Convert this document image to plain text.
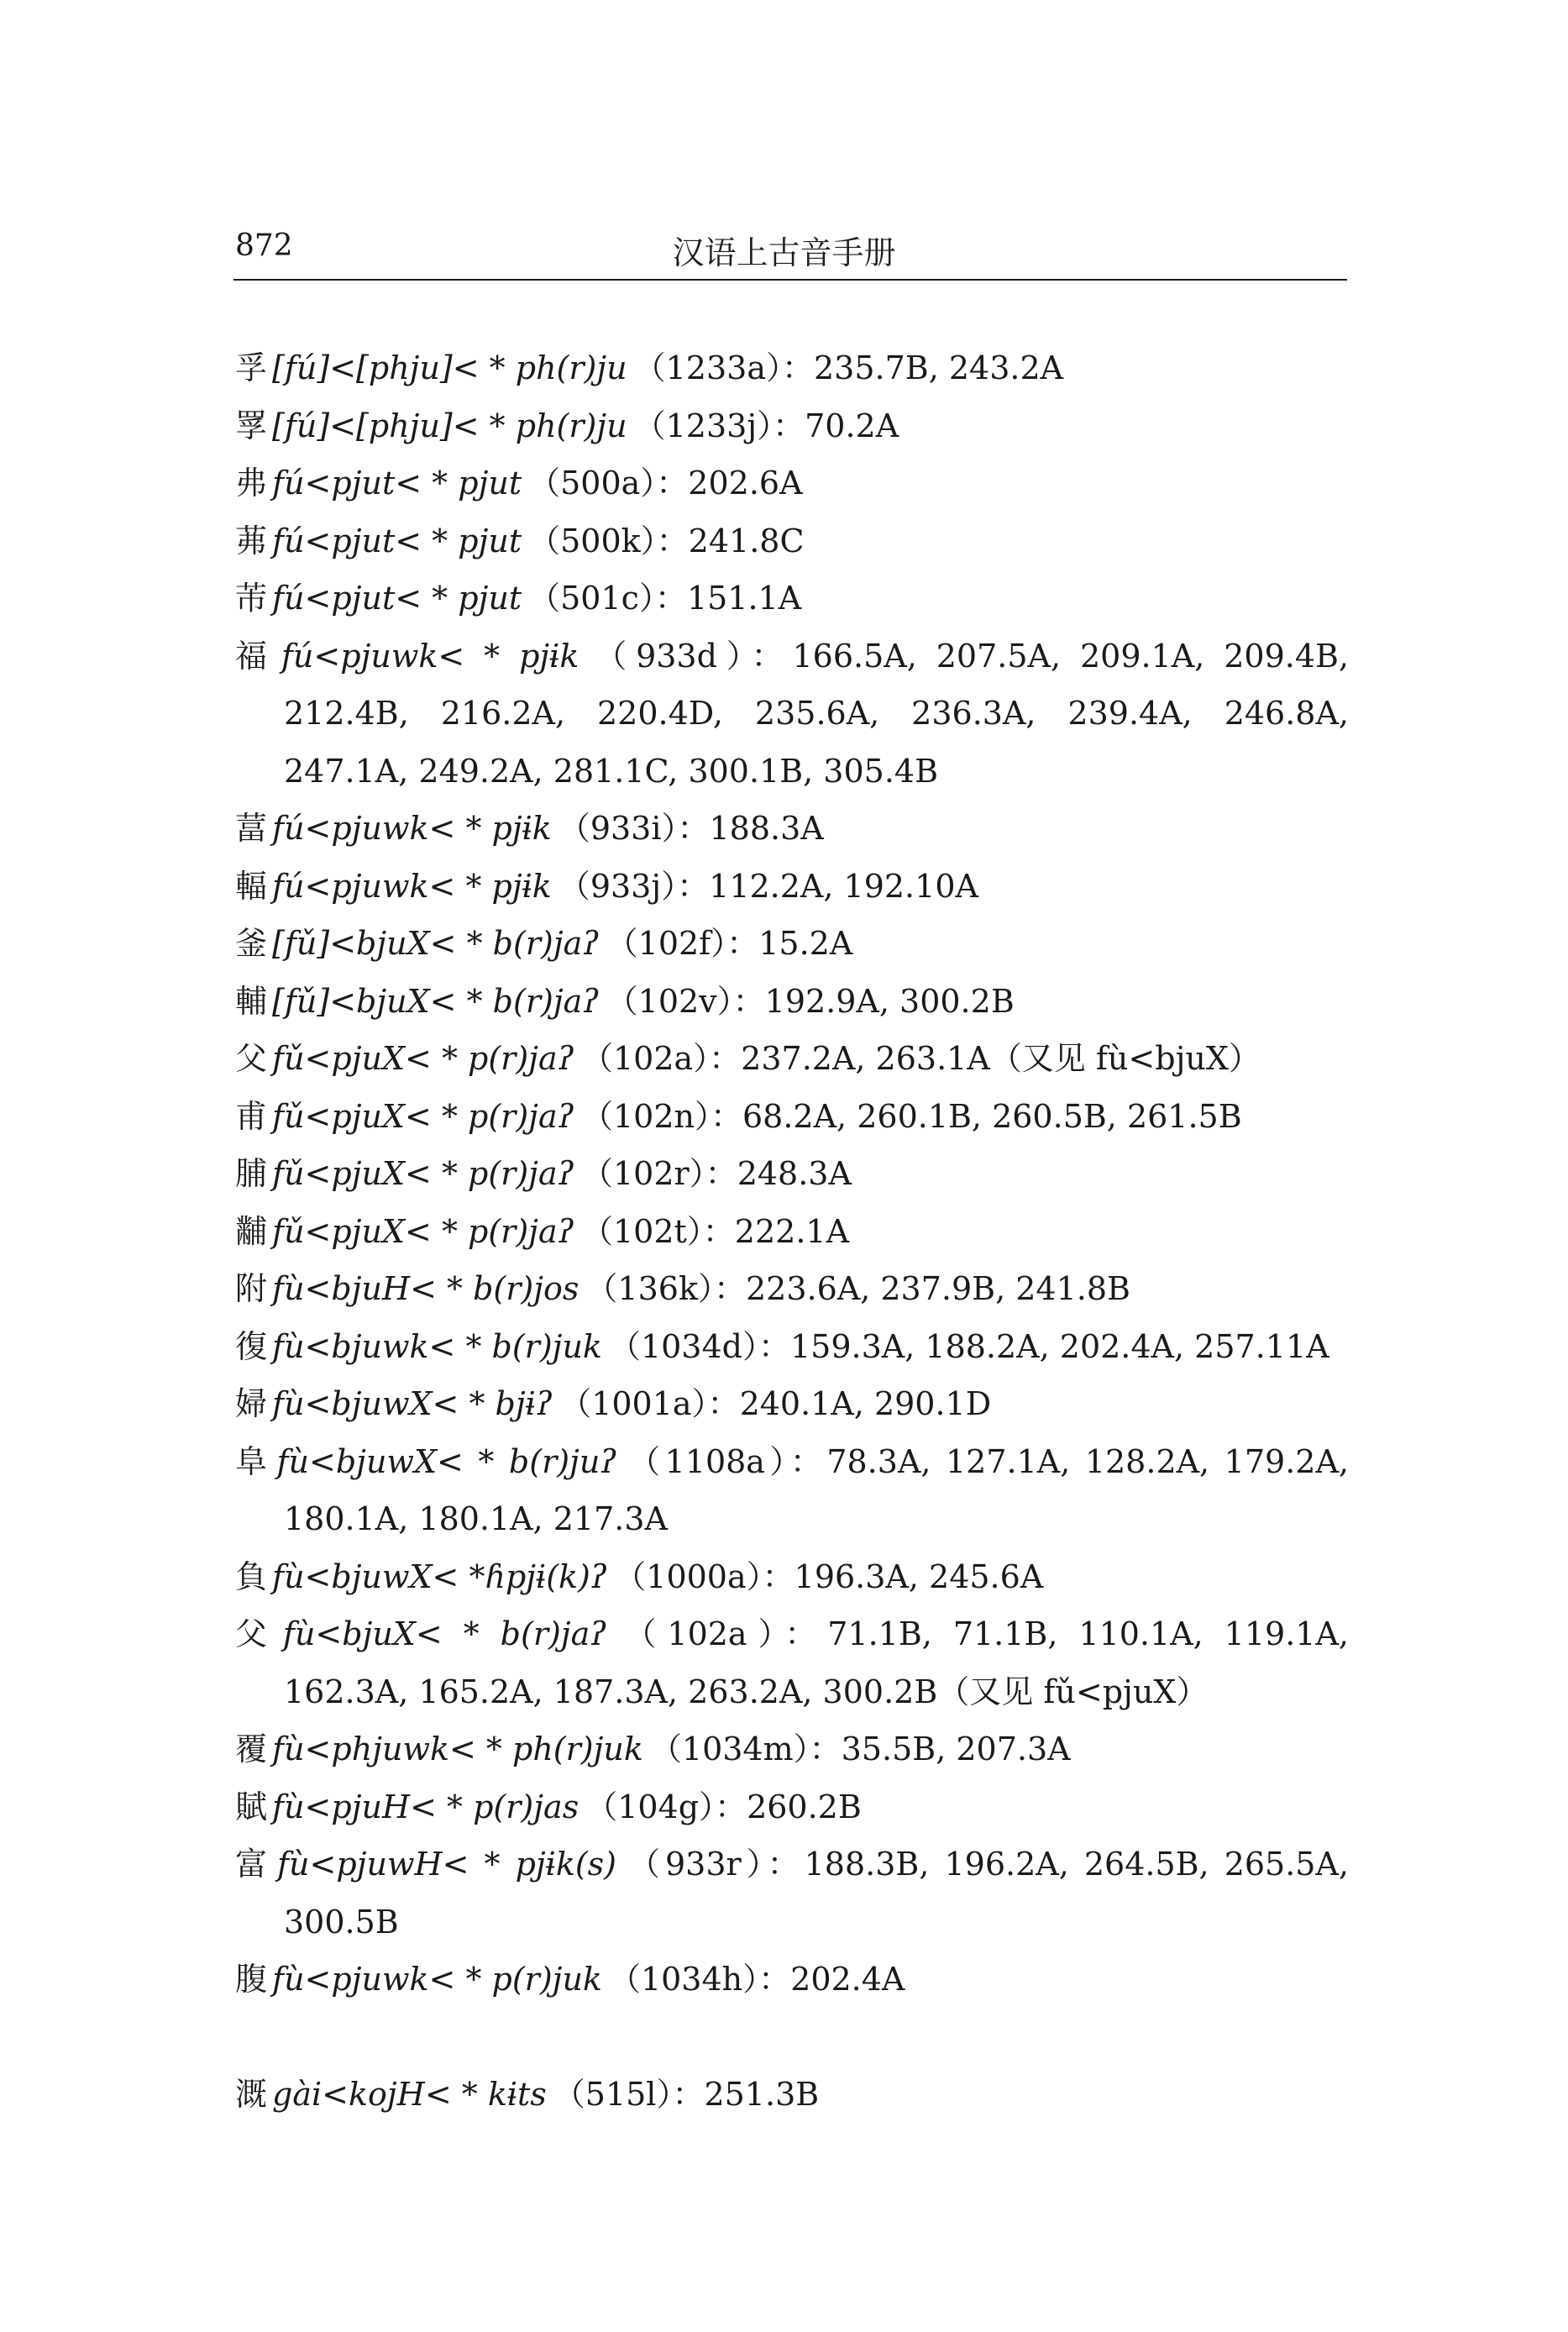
872	汉语上古音手册
孚 [fú]<[phju]< * ph(r)ju （1233a）：235.7B, 243.2A
罦 [fú]<[phju]< * ph(r)ju （1233j）：70.2A
弗 fú<pjut< * pjut （500a）：202.6A
茀 fú<pjut< * pjut （500k）：241.8C
芾 fú<pjut< * pjut （501c）：151.1A
福 fú<pjuwk< * pjɨk （933d）：166.5A, 207.5A, 209.1A, 209.4B, 212.4B, 216.2A, 220.4D, 235.6A, 236.3A, 239.4A, 246.8A, 247.1A, 249.2A, 281.1C, 300.1B, 305.4B
葍 fú<pjuwk< * pjɨk （933i）：188.3A
輻 fú<pjuwk< * pjɨk （933j）：112.2A, 192.10A
釜 [fǔ]<bjuX< * b(r)jaʔ （102f）：15.2A
輔 [fǔ]<bjuX< * b(r)jaʔ （102v）：192.9A, 300.2B
父 fǔ<pjuX< * p(r)jaʔ （102a）：237.2A, 263.1A（又见 fù<bjuX）
甫 fǔ<pjuX< * p(r)jaʔ （102n）：68.2A, 260.1B, 260.5B, 261.5B
脯 fǔ<pjuX< * p(r)jaʔ （102r）：248.3A
黼 fǔ<pjuX< * p(r)jaʔ （102t）：222.1A
附 fù<bjuH< * b(r)jos （136k）：223.6A, 237.9B, 241.8B
復 fù<bjuwk< * b(r)juk （1034d）：159.3A, 188.2A, 202.4A, 257.11A
婦 fù<bjuwX< * bjɨʔ （1001a）：240.1A, 290.1D
阜 fù<bjuwX< * b(r)juʔ （1108a）：78.3A, 127.1A, 128.2A, 179.2A, 180.1A, 180.1A, 217.3A
負 fù<bjuwX< *ɦpjɨ(k)ʔ （1000a）：196.3A, 245.6A
父 fù<bjuX< * b(r)jaʔ （102a）：71.1B, 71.1B, 110.1A, 119.1A, 162.3A, 165.2A, 187.3A, 263.2A, 300.2B（又见 fǔ<pjuX）
覆 fù<phjuwk< * ph(r)juk （1034m）：35.5B, 207.3A
賦 fù<pjuH< * p(r)jas （104g）：260.2B
富 fù<pjuwH< * pjɨk(s) （933r）：188.3B, 196.2A, 264.5B, 265.5A, 300.5B
腹 fù<pjuwk< * p(r)juk （1034h）：202.4A
溉 gài<kojH< * kɨts （515l）：251.3B
